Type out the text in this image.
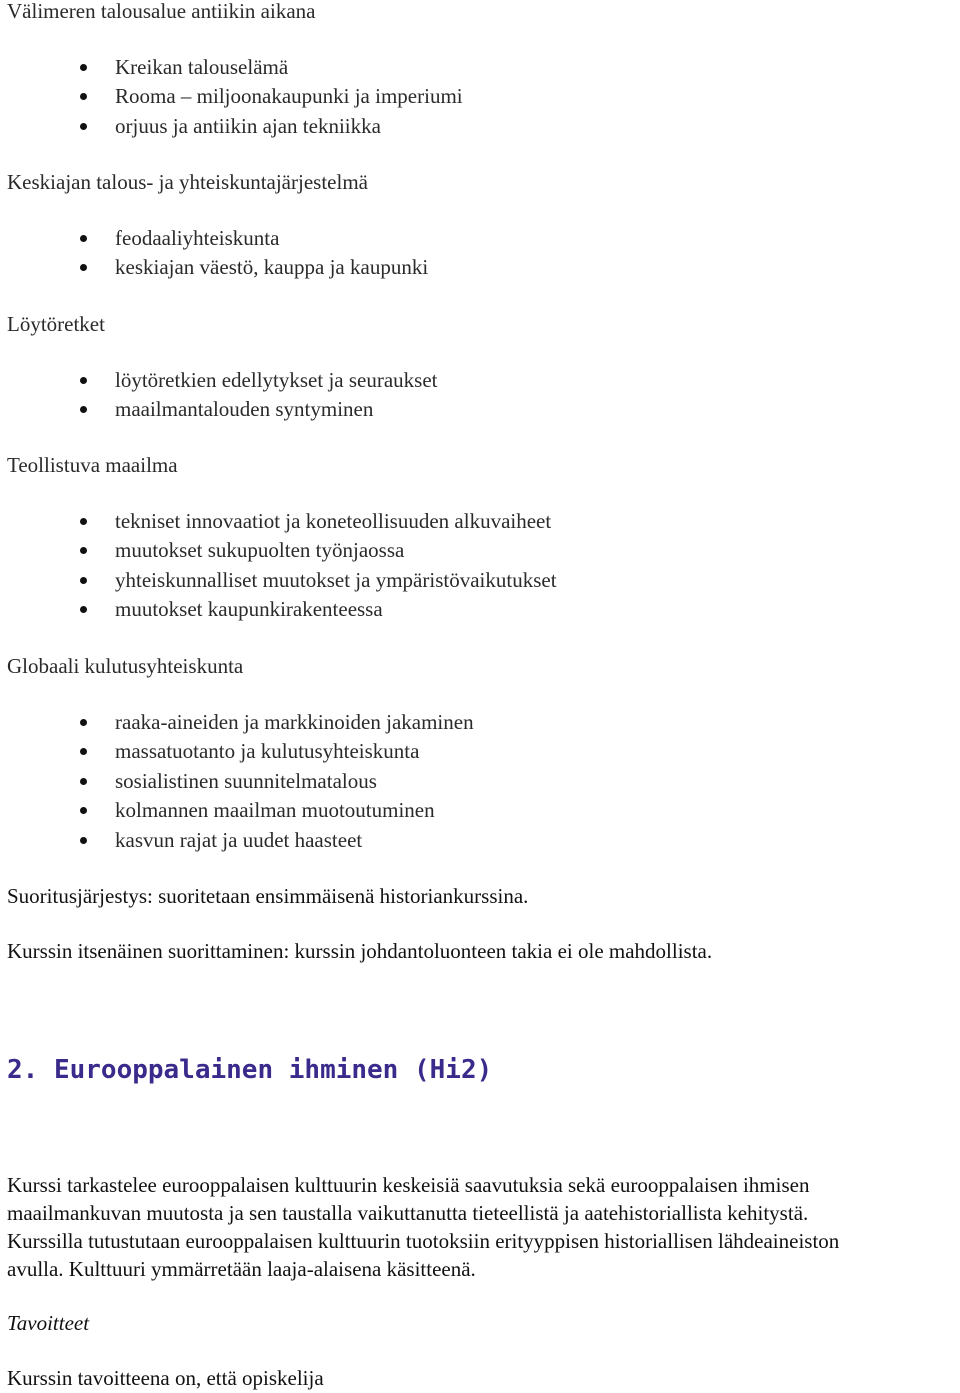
Välimeren talousalue antiikin aikana
Kreikan talouselämä
Rooma – miljoonakaupunki ja imperiumi
orjuus ja antiikin ajan tekniikka
Keskiajan talous- ja yhteiskuntajärjestelmä
feodaaliyhteiskunta
keskiajan väestö, kauppa ja kaupunki
Löytöretket
löytöretkien edellytykset ja seuraukset
maailmantalouden syntyminen
Teollistuva maailma
tekniset innovaatiot ja koneteollisuuden alkuvaiheet
muutokset sukupuolten työnjaossa
yhteiskunnalliset muutokset ja ympäristövaikutukset
muutokset kaupunkirakenteessa
Globaali kulutusyhteiskunta
raaka-aineiden ja markkinoiden jakaminen
massatuotanto ja kulutusyhteiskunta
sosialistinen suunnitelmatalous
kolmannen maailman muotoutuminen
kasvun rajat ja uudet haasteet
Suoritusjärjestys: suoritetaan ensimmäisenä historiankurssina.
Kurssin itsenäinen suorittaminen: kurssin johdantoluonteen takia ei ole mahdollista.
2. Eurooppalainen ihminen (Hi2)

Kurssi tarkastelee eurooppalaisen kulttuurin keskeisiä saavutuksia sekä eurooppalaisen ihmisen
maailmankuvan muutosta ja sen taustalla vaikuttanutta tieteellistä ja aatehistoriallista kehitystä.
Kurssilla tutustutaan eurooppalaisen kulttuurin tuotoksiin erityyppisen historiallisen lähdeaineiston
avulla. Kulttuuri ymmärretään laaja-alaisena käsitteenä.

Tavoitteet
Kurssin tavoitteena on, että opiskelija
